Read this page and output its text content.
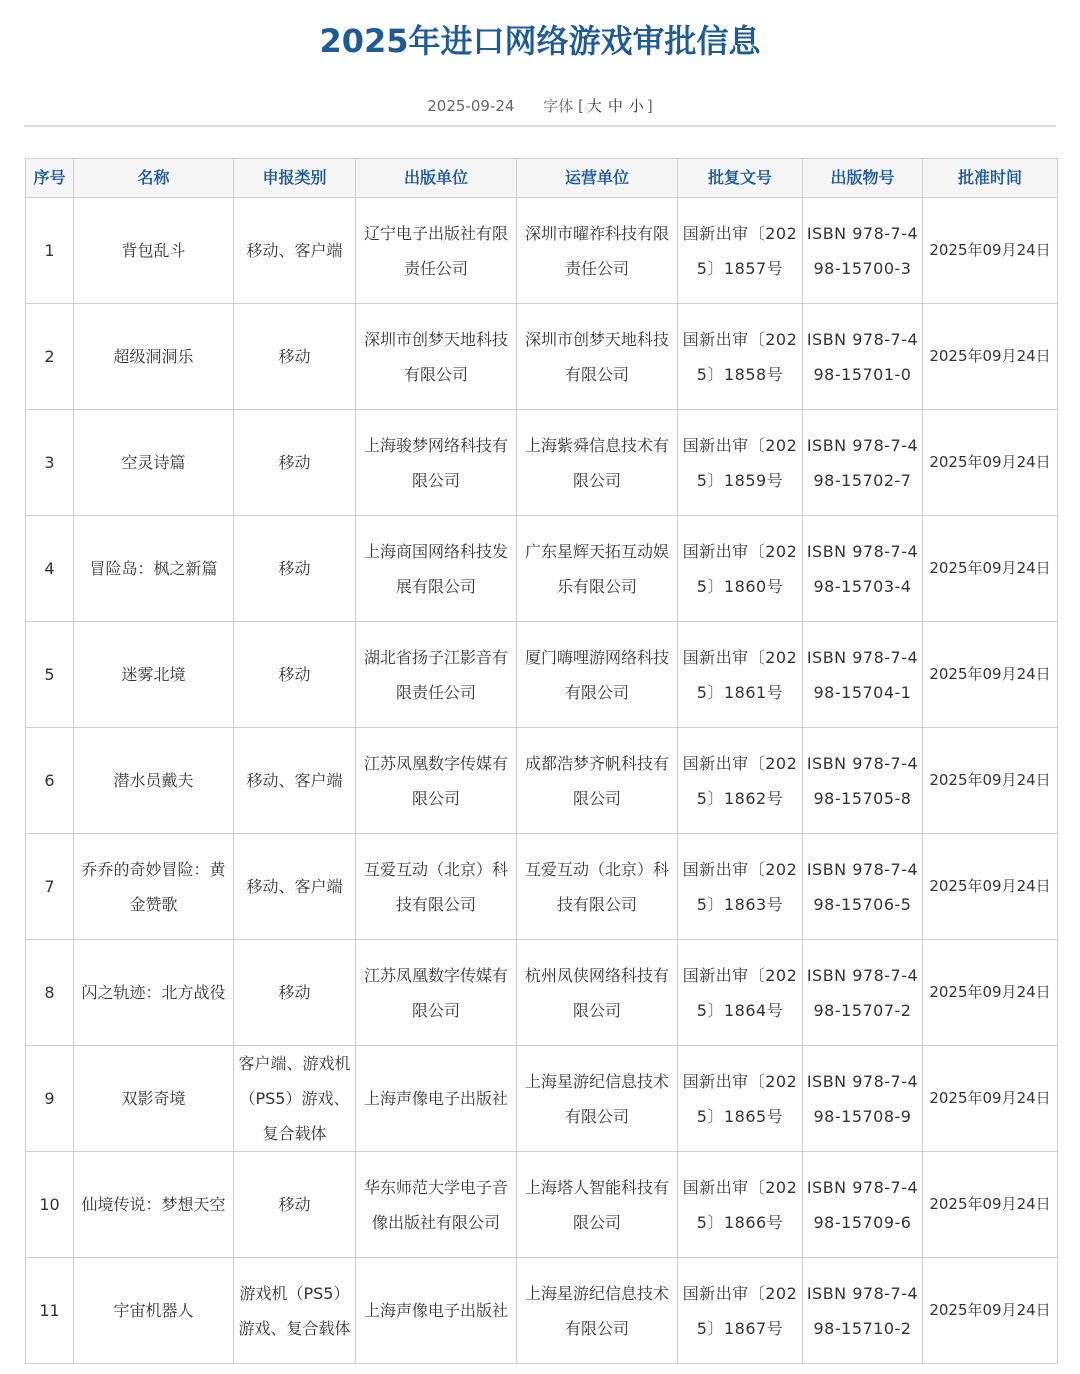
2025年进口网络游戏审批信息
2025-09-24 字体 [ 大 中 小 ]
序号	名称	申报类别	出版单位	运营单位	批复文号	出版物号	批准时间
1	背包乱斗	移动、客户端	辽宁电子出版社有限责任公司	深圳市曜祚科技有限责任公司	国新出审〔2025〕1857号	ISBN 978-7-498-15700-3	2025年09月24日
2	超级洞洞乐	移动	深圳市创梦天地科技有限公司	深圳市创梦天地科技有限公司	国新出审〔2025〕1858号	ISBN 978-7-498-15701-0	2025年09月24日
3	空灵诗篇	移动	上海骏梦网络科技有限公司	上海紫舜信息技术有限公司	国新出审〔2025〕1859号	ISBN 978-7-498-15702-7	2025年09月24日
4	冒险岛：枫之新篇	移动	上海商国网络科技发展有限公司	广东星辉天拓互动娱乐有限公司	国新出审〔2025〕1860号	ISBN 978-7-498-15703-4	2025年09月24日
5	迷雾北境	移动	湖北省扬子江影音有限责任公司	厦门嗨哩游网络科技有限公司	国新出审〔2025〕1861号	ISBN 978-7-498-15704-1	2025年09月24日
6	潜水员戴夫	移动、客户端	江苏凤凰数字传媒有限公司	成都浩梦齐帆科技有限公司	国新出审〔2025〕1862号	ISBN 978-7-498-15705-8	2025年09月24日
7	乔乔的奇妙冒险：黄金赞歌	移动、客户端	互爱互动（北京）科技有限公司	互爱互动（北京）科技有限公司	国新出审〔2025〕1863号	ISBN 978-7-498-15706-5	2025年09月24日
8	闪之轨迹：北方战役	移动	江苏凤凰数字传媒有限公司	杭州凤侠网络科技有限公司	国新出审〔2025〕1864号	ISBN 978-7-498-15707-2	2025年09月24日
9	双影奇境	客户端、游戏机（PS5）游戏、复合载体	上海声像电子出版社	上海星游纪信息技术有限公司	国新出审〔2025〕1865号	ISBN 978-7-498-15708-9	2025年09月24日
10	仙境传说：梦想天空	移动	华东师范大学电子音像出版社有限公司	上海塔人智能科技有限公司	国新出审〔2025〕1866号	ISBN 978-7-498-15709-6	2025年09月24日
11	宇宙机器人	游戏机（PS5）游戏、复合载体	上海声像电子出版社	上海星游纪信息技术有限公司	国新出审〔2025〕1867号	ISBN 978-7-498-15710-2	2025年09月24日
